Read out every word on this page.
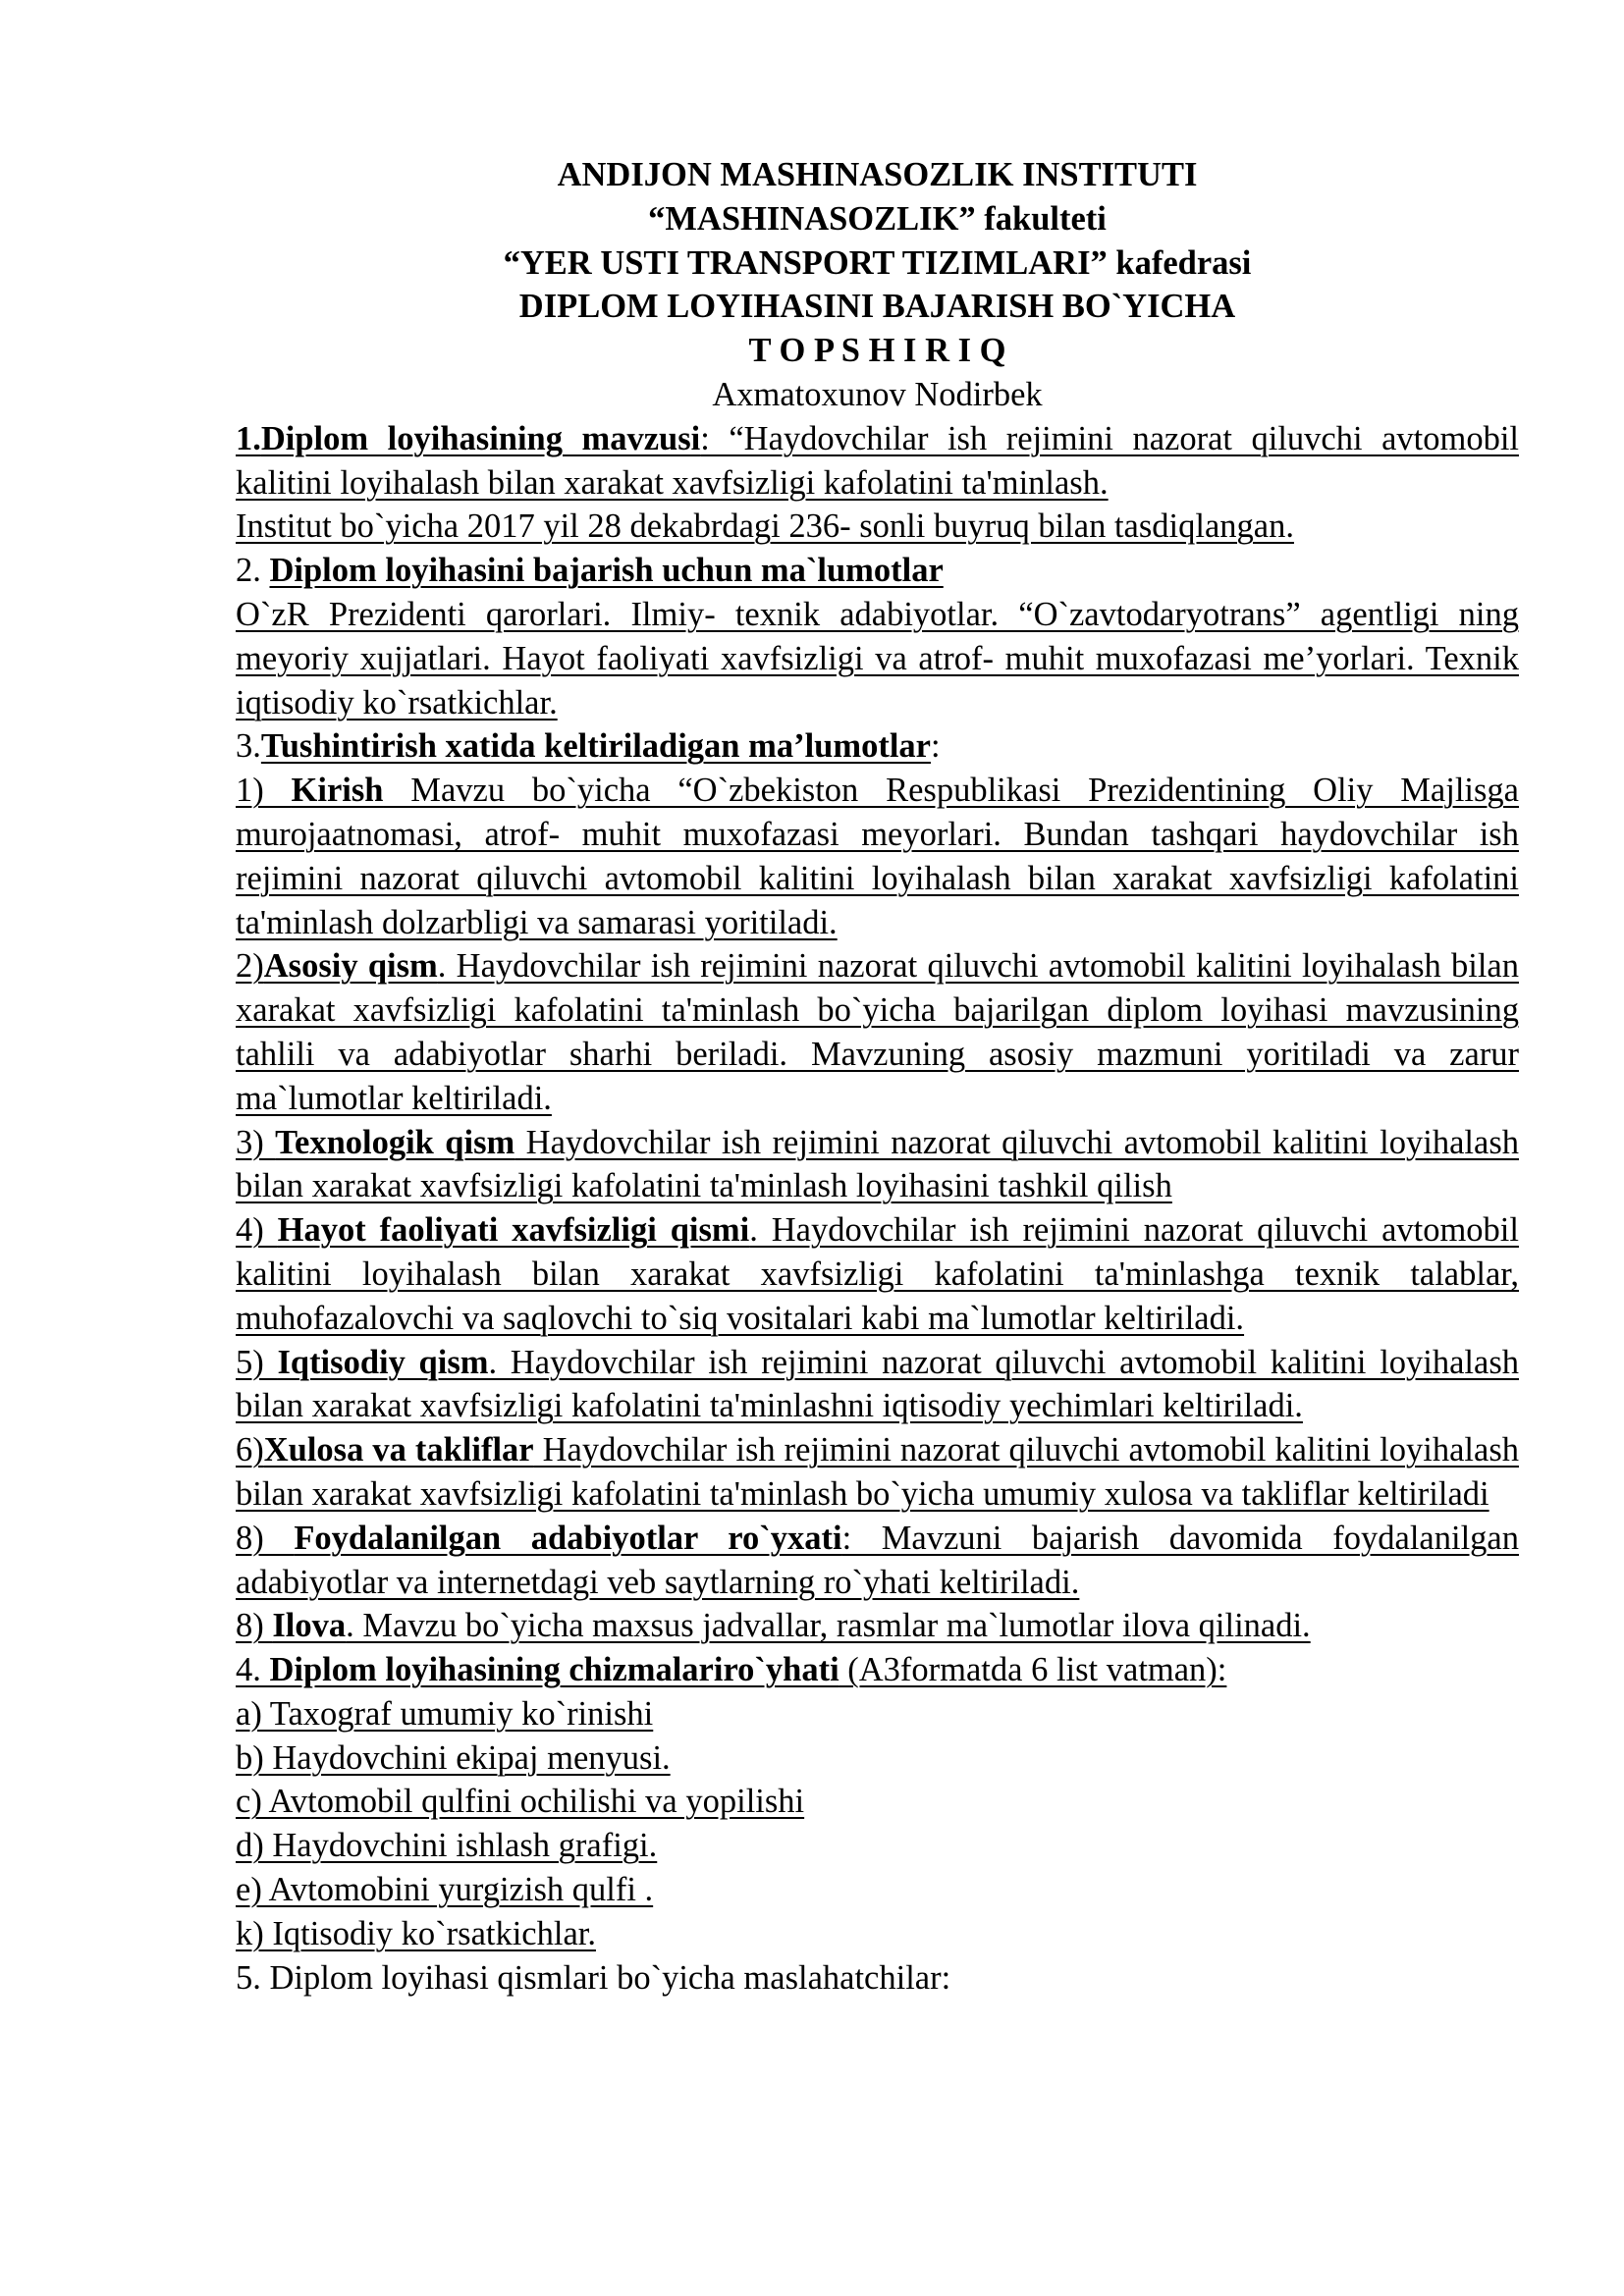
ANDIJON MASHINASOZLIK INSTITUTI

“MASHINASOZLIK” fakulteti

“YER USTI TRANSPORT TIZIMLARI” kafedrasi

DIPLOM LOYIHASINI BAJARISH BO`YICHA

T O P S H I R I Q

Axmatoxunov Nodirbek

1.Diplom loyihasining mavzusi: “Haydovchilar ish rejimini nazorat qiluvchi avtomobil kalitini loyihalash bilan xarakat xavfsizligi kafolatini ta'minlash.

Institut bo`yicha 2017 yil 28 dekabrdagi 236- sonli buyruq bilan tasdiqlangan.

2. Diplom loyihasini bajarish uchun ma`lumotlar

O`zR Prezidenti qarorlari. Ilmiy- texnik adabiyotlar. “O`zavtodaryotrans” agentligi ning meyoriy xujjatlari. Hayot faoliyati xavfsizligi va atrof- muhit muxofazasi me’yorlari. Texnik iqtisodiy ko`rsatkichlar.

3.Tushintirish xatida keltiriladigan ma’lumotlar:

1) Kirish Mavzu bo`yicha “O`zbekiston Respublikasi Prezidentining Oliy Majlisga murojaatnomasi, atrof- muhit muxofazasi meyorlari. Bundan tashqari haydovchilar ish rejimini nazorat qiluvchi avtomobil kalitini loyihalash bilan xarakat xavfsizligi kafolatini ta'minlash dolzarbligi va samarasi yoritiladi.

2)Asosiy qism. Haydovchilar ish rejimini nazorat qiluvchi avtomobil kalitini loyihalash bilan xarakat xavfsizligi kafolatini ta'minlash bo`yicha bajarilgan diplom loyihasi mavzusining tahlili va adabiyotlar sharhi beriladi. Mavzuning asosiy mazmuni yoritiladi va zarur ma`lumotlar keltiriladi.

3) Texnologik qism Haydovchilar ish rejimini nazorat qiluvchi avtomobil kalitini loyihalash bilan xarakat xavfsizligi kafolatini ta'minlash loyihasini tashkil qilish

4) Hayot faoliyati xavfsizligi qismi. Haydovchilar ish rejimini nazorat qiluvchi avtomobil kalitini loyihalash bilan xarakat xavfsizligi kafolatini ta'minlashga texnik talablar, muhofazalovchi va saqlovchi to`siq vositalari kabi ma`lumotlar keltiriladi.

5) Iqtisodiy qism. Haydovchilar ish rejimini nazorat qiluvchi avtomobil kalitini loyihalash bilan xarakat xavfsizligi kafolatini ta'minlashni iqtisodiy yechimlari keltiriladi.

6)Xulosa va takliflar Haydovchilar ish rejimini nazorat qiluvchi avtomobil kalitini loyihalash bilan xarakat xavfsizligi kafolatini ta'minlash bo`yicha umumiy xulosa va takliflar keltiriladi

8) Foydalanilgan adabiyotlar ro`yxati: Mavzuni bajarish davomida foydalanilgan adabiyotlar va internetdagi veb saytlarning ro`yhati keltiriladi.

8) Ilova. Mavzu bo`yicha maxsus jadvallar, rasmlar ma`lumotlar ilova qilinadi.

4. Diplom loyihasining chizmalariro`yhati (A3formatda 6 list vatman):

a) Taxograf umumiy ko`rinishi

b) Haydovchini ekipaj menyusi.

c) Avtomobil qulfini ochilishi va yopilishi

d) Haydovchini ishlash grafigi.

e) Avtomobini yurgizish qulfi .

k) Iqtisodiy ko`rsatkichlar.

5. Diplom loyihasi qismlari bo`yicha maslahatchilar:
